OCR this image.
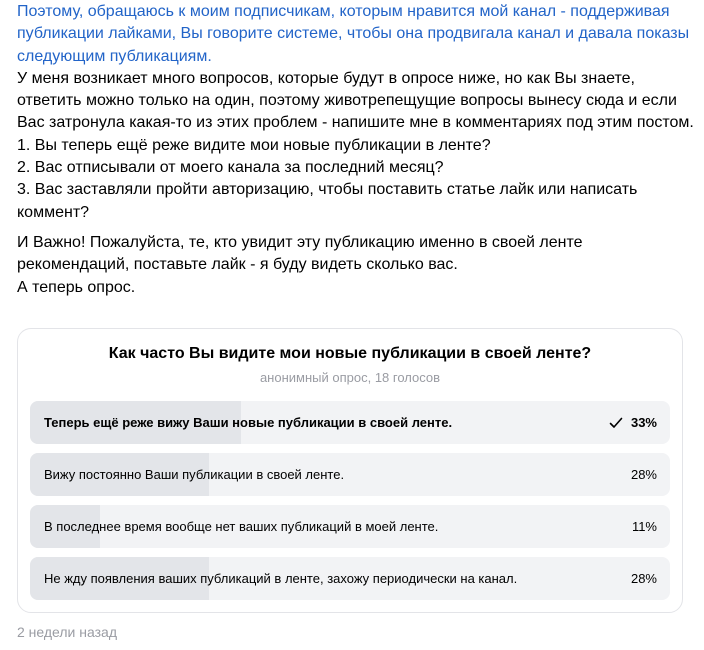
Поэтому, обращаюсь к моим подписчикам, которым нравится мой канал - поддерживая публикации лайками, Вы говорите системе, чтобы она продвигала канал и давала показы следующим публикациям.

У меня возникает много вопросов, которые будут в опросе ниже, но как Вы знаете, ответить можно только на один, поэтому животрепещущие вопросы вынесу сюда и если Вас затронула какая-то из этих проблем - напишите мне в комментариях под этим постом.

1. Вы теперь ещё реже видите мои новые публикации в ленте?

2. Вас отписывали от моего канала за последний месяц?

3. Вас заставляли пройти авторизацию, чтобы поставить статье лайк или написать коммент?

И Важно! Пожалуйста, те, кто увидит эту публикацию именно в своей ленте рекомендаций, поставьте лайк - я буду видеть сколько вас.

А теперь опрос.

Как часто Вы видите мои новые публикации в своей ленте?
анонимный опрос, 18 голосов
Теперь ещё реже вижу Ваши новые публикации в своей ленте.	33%
Вижу постоянно Ваши публикации в своей ленте.	28%
В последнее время вообще нет ваших публикаций в моей ленте.	11%
Не жду появления ваших публикаций в ленте, захожу периодически на канал.	28%
2 недели назад
